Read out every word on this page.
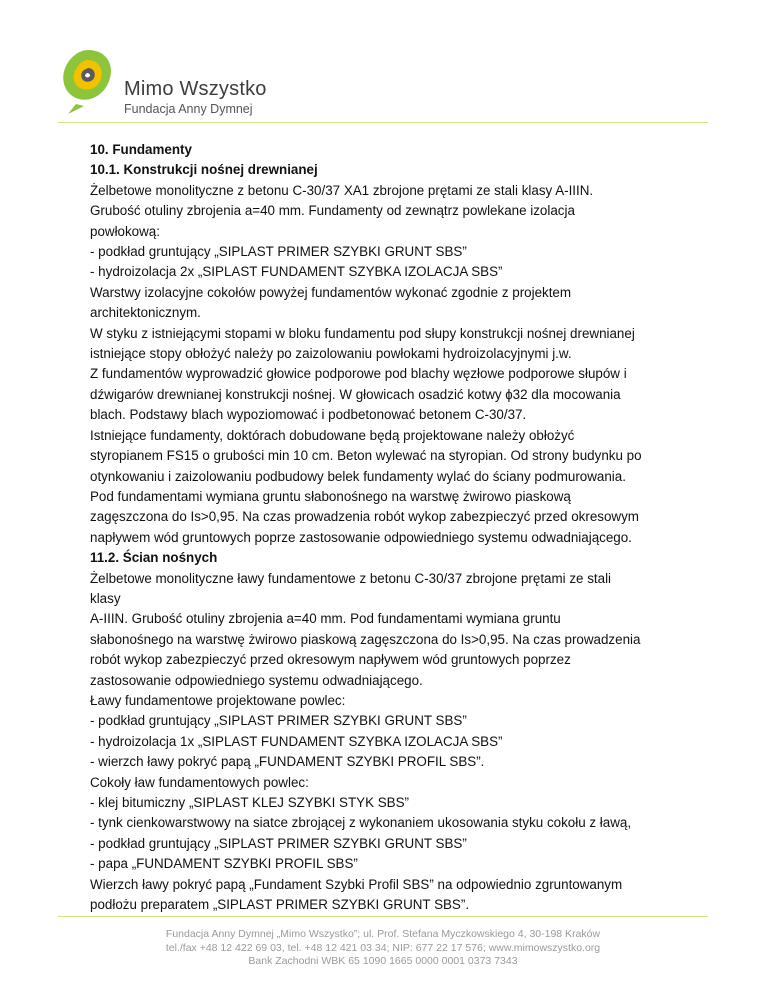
Mimo Wszystko
Fundacja Anny Dymnej
10. Fundamenty
10.1. Konstrukcji nośnej drewnianej
Żelbetowe monolityczne z betonu C-30/37 XA1 zbrojone prętami ze stali klasy A-IIIN.
Grubość otuliny zbrojenia a=40 mm. Fundamenty od zewnątrz powlekane izolacja
powłokową:
- podkład gruntujący „SIPLAST PRIMER SZYBKI GRUNT SBS”
- hydroizolacja 2x „SIPLAST FUNDAMENT SZYBKA IZOLACJA SBS”
Warstwy izolacyjne cokołów powyżej fundamentów wykonać zgodnie z projektem
architektonicznym.
W styku z istniejącymi stopami w bloku fundamentu pod słupy konstrukcji nośnej drewnianej
istniejące stopy obłożyć należy po zaizolowaniu powłokami hydroizolacyjnymi j.w.
Z fundamentów wyprowadzić głowice podporowe pod blachy węzłowe podporowe słupów i
dźwigarów drewnianej konstrukcji nośnej. W głowicach osadzić kotwy ɸ32 dla mocowania
blach. Podstawy blach wypoziomować i podbetonować betonem C-30/37.
Istniejące fundamenty, doktórach dobudowane będą projektowane należy obłożyć
styropianem FS15 o grubości min 10 cm. Beton wylewać na styropian. Od strony budynku po
otynkowaniu i zaizolowaniu podbudowy belek fundamenty wylać do ściany podmurowania.
Pod fundamentami wymiana gruntu słabonośnego na warstwę żwirowo piaskową
zagęszczona do Is>0,95. Na czas prowadzenia robót wykop zabezpieczyć przed okresowym
napływem wód gruntowych poprze zastosowanie odpowiedniego systemu odwadniającego.
11.2. Ścian nośnych
Żelbetowe monolityczne ławy fundamentowe z betonu C-30/37 zbrojone prętami ze stali
klasy
A-IIIN. Grubość otuliny zbrojenia a=40 mm. Pod fundamentami wymiana gruntu
słabonośnego na warstwę żwirowo piaskową zagęszczona do Is>0,95. Na czas prowadzenia
robót wykop zabezpieczyć przed okresowym napływem wód gruntowych poprzez
zastosowanie odpowiedniego systemu odwadniającego.
Ławy fundamentowe projektowane powlec:
- podkład gruntujący „SIPLAST PRIMER SZYBKI GRUNT SBS”
- hydroizolacja 1x „SIPLAST FUNDAMENT SZYBKA IZOLACJA SBS”
- wierzch ławy pokryć papą „FUNDAMENT SZYBKI PROFIL SBS”.
Cokoły ław fundamentowych powlec:
- klej bitumiczny „SIPLAST KLEJ SZYBKI STYK SBS”
- tynk cienkowarstwowy na siatce zbrojącej z wykonaniem ukosowania styku cokołu z ławą,
- podkład gruntujący „SIPLAST PRIMER SZYBKI GRUNT SBS”
- papa „FUNDAMENT SZYBKI PROFIL SBS”
Wierzch ławy pokryć papą „Fundament Szybki Profil SBS” na odpowiednio zgruntowanym
podłożu preparatem „SIPLAST PRIMER SZYBKI GRUNT SBS”.
Fundacja Anny Dymnej „Mimo Wszystko”; ul. Prof. Stefana Myczkowskiego 4, 30-198 Kraków
tel./fax +48 12 422 69 03, tel. +48 12 421 03 34; NIP: 677 22 17 576; www.mimowszystko.org
Bank Zachodni WBK 65 1090 1665 0000 0001 0373 7343
